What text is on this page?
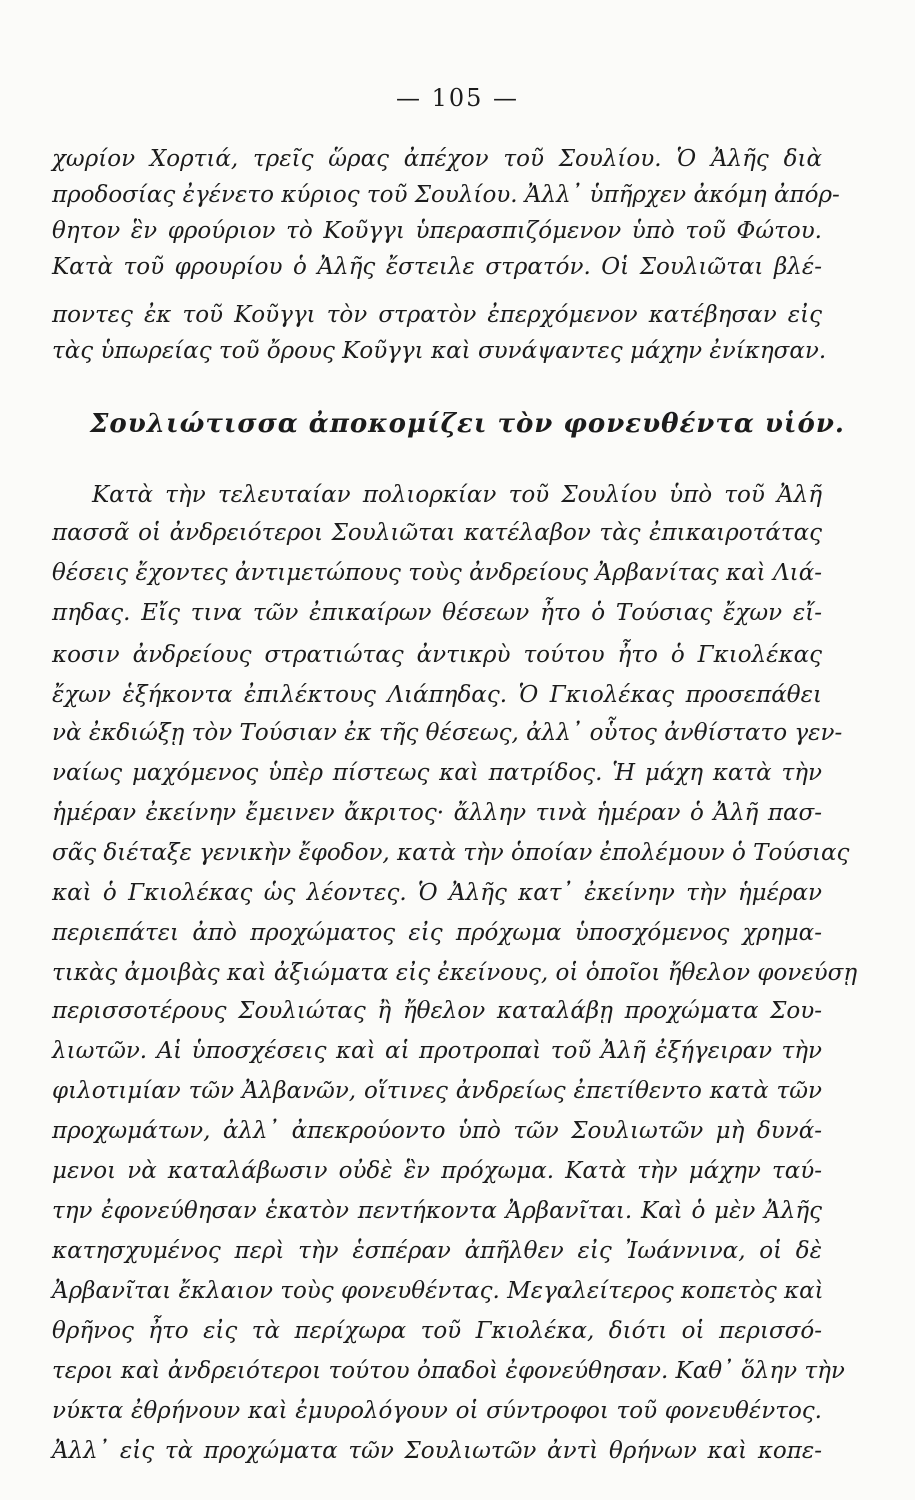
— 105 —
χωρίον Χορτιά, τρεῖς ὥρας ἀπέχον τοῦ Σουλίου. Ὁ Ἀλῆς διὰ
προδοσίας ἐγένετο κύριος τοῦ Σουλίου. Ἀλλ᾽ ὑπῆρχεν ἀκόμη ἀπόρ-
θητον ἓν φρούριον τὸ Κοῦγγι ὑπερασπιζόμενον ὑπὸ τοῦ Φώτου.
Κατὰ τοῦ φρουρίου ὁ Ἀλῆς ἔστειλε στρατόν. Οἱ Σουλιῶται βλέ-
ποντες ἐκ τοῦ Κοῦγγι τὸν στρατὸν ἐπερχόμενον κατέβησαν εἰς
τὰς ὑπωρείας τοῦ ὄρους Κοῦγγι καὶ συνάψαντες μάχην ἐνίκησαν.
Σουλιώτισσα ἀποκομίζει τὸν φονευθέντα υἱόν.
Κατὰ τὴν τελευταίαν πολιορκίαν τοῦ Σουλίου ὑπὸ τοῦ Ἀλῆ
πασσᾶ οἱ ἀνδρειότεροι Σουλιῶται κατέλαβον τὰς ἐπικαιροτάτας
θέσεις ἔχοντες ἀντιμετώπους τοὺς ἀνδρείους Ἀρβανίτας καὶ Λιά-
πηδας. Εἴς τινα τῶν ἐπικαίρων θέσεων ἦτο ὁ Τούσιας ἔχων εἴ-
κοσιν ἀνδρείους στρατιώτας ἀντικρὺ τούτου ἦτο ὁ Γκιολέκας
ἔχων ἑξήκοντα ἐπιλέκτους Λιάπηδας. Ὁ Γκιολέκας προσεπάθει
νὰ ἐκδιώξῃ τὸν Τούσιαν ἐκ τῆς θέσεως, ἀλλ᾽ οὗτος ἀνθίστατο γεν-
ναίως μαχόμενος ὑπὲρ πίστεως καὶ πατρίδος. Ἡ μάχη κατὰ τὴν
ἡμέραν ἐκείνην ἔμεινεν ἄκριτος· ἄλλην τινὰ ἡμέραν ὁ Ἀλῆ πασ-
σᾶς διέταξε γενικὴν ἔφοδον, κατὰ τὴν ὁποίαν ἐπολέμουν ὁ Τούσιας
καὶ ὁ Γκιολέκας ὡς λέοντες. Ὁ Ἀλῆς κατ᾽ ἐκείνην τὴν ἡμέραν
περιεπάτει ἀπὸ προχώματος εἰς πρόχωμα ὑποσχόμενος χρημα-
τικὰς ἀμοιβὰς καὶ ἀξιώματα εἰς ἐκείνους, οἱ ὁποῖοι ἤθελον φονεύσῃ
περισσοτέρους Σουλιώτας ἢ ἤθελον καταλάβῃ προχώματα Σου-
λιωτῶν. Αἱ ὑποσχέσεις καὶ αἱ προτροπαὶ τοῦ Ἀλῆ ἐξήγειραν τὴν
φιλοτιμίαν τῶν Ἀλβανῶν, οἵτινες ἀνδρείως ἐπετίθεντο κατὰ τῶν
προχωμάτων, ἀλλ᾽ ἀπεκρούοντο ὑπὸ τῶν Σουλιωτῶν μὴ δυνά-
μενοι νὰ καταλάβωσιν οὐδὲ ἓν πρόχωμα. Κατὰ τὴν μάχην ταύ-
την ἐφονεύθησαν ἑκατὸν πεντήκοντα Ἀρβανῖται. Καὶ ὁ μὲν Ἀλῆς
κατησχυμένος περὶ τὴν ἑσπέραν ἀπῆλθεν εἰς Ἰωάννινα, οἱ δὲ
Ἀρβανῖται ἔκλαιον τοὺς φονευθέντας. Μεγαλείτερος κοπετὸς καὶ
θρῆνος ἦτο εἰς τὰ περίχωρα τοῦ Γκιολέκα, διότι οἱ περισσό-
τεροι καὶ ἀνδρειότεροι τούτου ὀπαδοὶ ἐφονεύθησαν. Καθ᾽ ὅλην τὴν
νύκτα ἐθρήνουν καὶ ἐμυρολόγουν οἱ σύντροφοι τοῦ φονευθέντος.
Ἀλλ᾽ εἰς τὰ προχώματα τῶν Σουλιωτῶν ἀντὶ θρήνων καὶ κοπε-
